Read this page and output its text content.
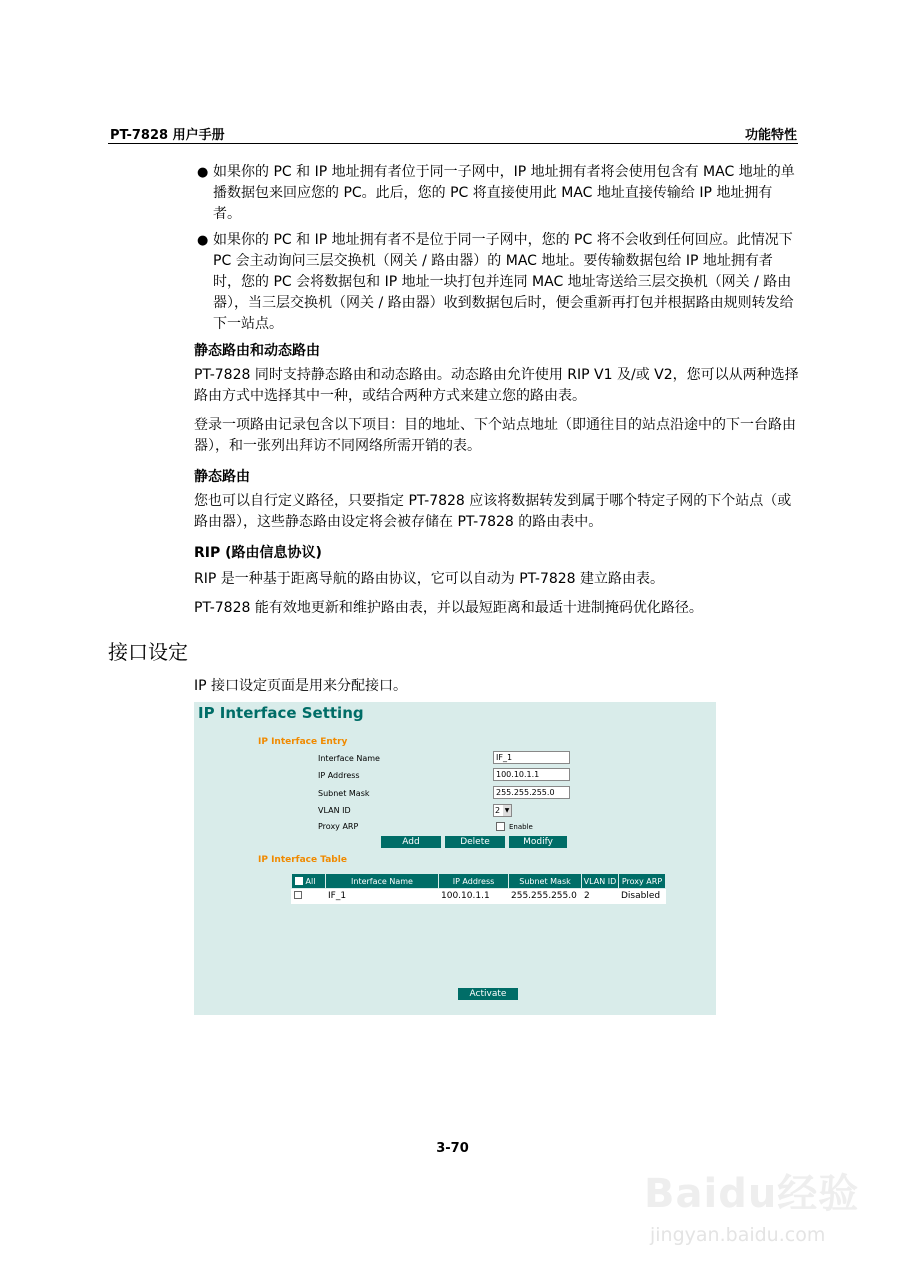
PT-7828 用户手册	功能特性
● 如果你的 PC 和 IP 地址拥有者位于同一子网中，IP 地址拥有者将会使用包含有 MAC 地址的单播数据包来回应您的 PC。此后，您的 PC 将直接使用此 MAC 地址直接传输给 IP 地址拥有者。
● 如果你的 PC 和 IP 地址拥有者不是位于同一子网中，您的 PC 将不会收到任何回应。此情况下 PC 会主动询问三层交换机（网关 / 路由器）的 MAC 地址。要传输数据包给 IP 地址拥有者时，您的 PC 会将数据包和 IP 地址一块打包并连同 MAC 地址寄送给三层交换机（网关 / 路由器），当三层交换机（网关 / 路由器）收到数据包后时，便会重新再打包并根据路由规则转发给下一站点。

静态路由和动态路由

PT-7828 同时支持静态路由和动态路由。动态路由允许使用 RIP V1 及/或 V2，您可以从两种选择路由方式中选择其中一种，或结合两种方式来建立您的路由表。

登录一项路由记录包含以下项目：目的地址、下个站点地址（即通往目的站点沿途中的下一台路由器），和一张列出拜访不同网络所需开销的表。

静态路由

您也可以自行定义路径，只要指定 PT-7828 应该将数据转发到属于哪个特定子网的下个站点（或路由器），这些静态路由设定将会被存储在 PT-7828 的路由表中。

RIP (路由信息协议)

RIP 是一种基于距离导航的路由协议，它可以自动为 PT-7828 建立路由表。

PT-7828 能有效地更新和维护路由表，并以最短距离和最适十进制掩码优化路径。

接口设定

IP 接口设定页面是用来分配接口。

IP Interface Setting
IP Interface Entry
Interface Name	IF_1
IP Address	100.10.1.1
Subnet Mask	255.255.255.0
VLAN ID	2 ▼
Proxy ARP	Enable
Add	Delete	Modify
IP Interface Table
All	Interface Name	IP Address	Subnet Mask	VLAN ID	Proxy ARP
	IF_1	100.10.1.1	255.255.255.0	2	Disabled
Activate
3-70
Baidu经验
jingyan.baidu.com
